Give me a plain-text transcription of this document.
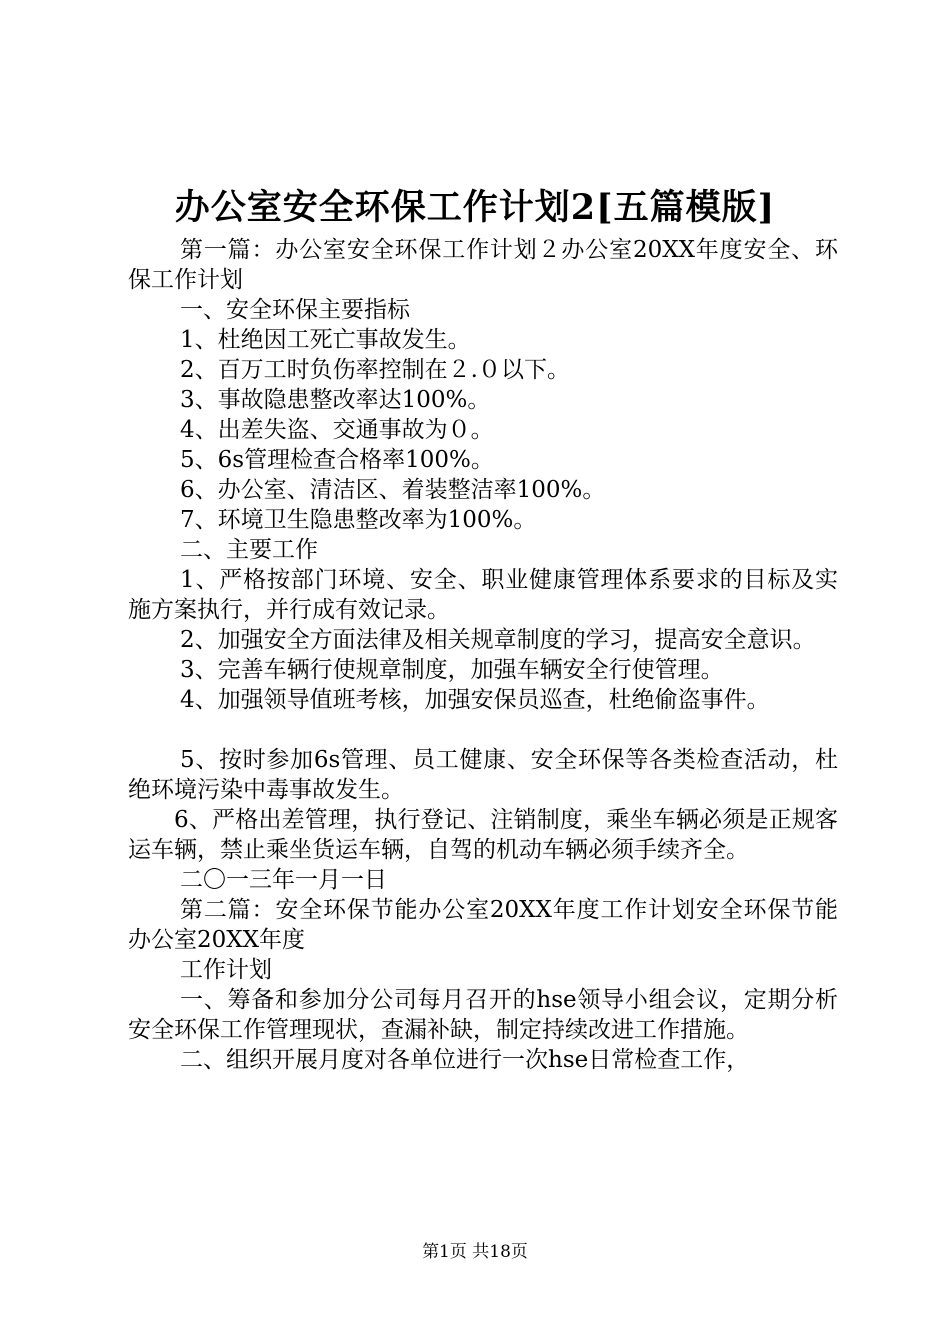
办公室安全环保工作计划2[五篇模版]

第一篇：办公室安全环保工作计划２办公室20XX年度安全、环保工作计划

一、安全环保主要指标

1、杜绝因工死亡事故发生。

2、百万工时负伤率控制在２.０以下。

3、事故隐患整改率达100%。

4、出差失盗、交通事故为０。

5、6s管理检查合格率100%。

6、办公室、清洁区、着装整洁率100%。

7、环境卫生隐患整改率为100%。

二、主要工作

1、严格按部门环境、安全、职业健康管理体系要求的目标及实施方案执行，并行成有效记录。

2、加强安全方面法律及相关规章制度的学习，提高安全意识。

3、完善车辆行使规章制度，加强车辆安全行使管理。

4、加强领导值班考核，加强安保员巡查，杜绝偷盗事件。

5、按时参加6s管理、员工健康、安全环保等各类检查活动，杜绝环境污染中毒事故发生。

6、严格出差管理，执行登记、注销制度，乘坐车辆必须是正规客运车辆，禁止乘坐货运车辆，自驾的机动车辆必须手续齐全。

二〇一三年一月一日

第二篇：安全环保节能办公室20XX年度工作计划安全环保节能办公室20XX年度

工作计划

一、筹备和参加分公司每月召开的hse领导小组会议，定期分析安全环保工作管理现状，查漏补缺，制定持续改进工作措施。

二、组织开展月度对各单位进行一次hse日常检查工作，

第1页 共18页
